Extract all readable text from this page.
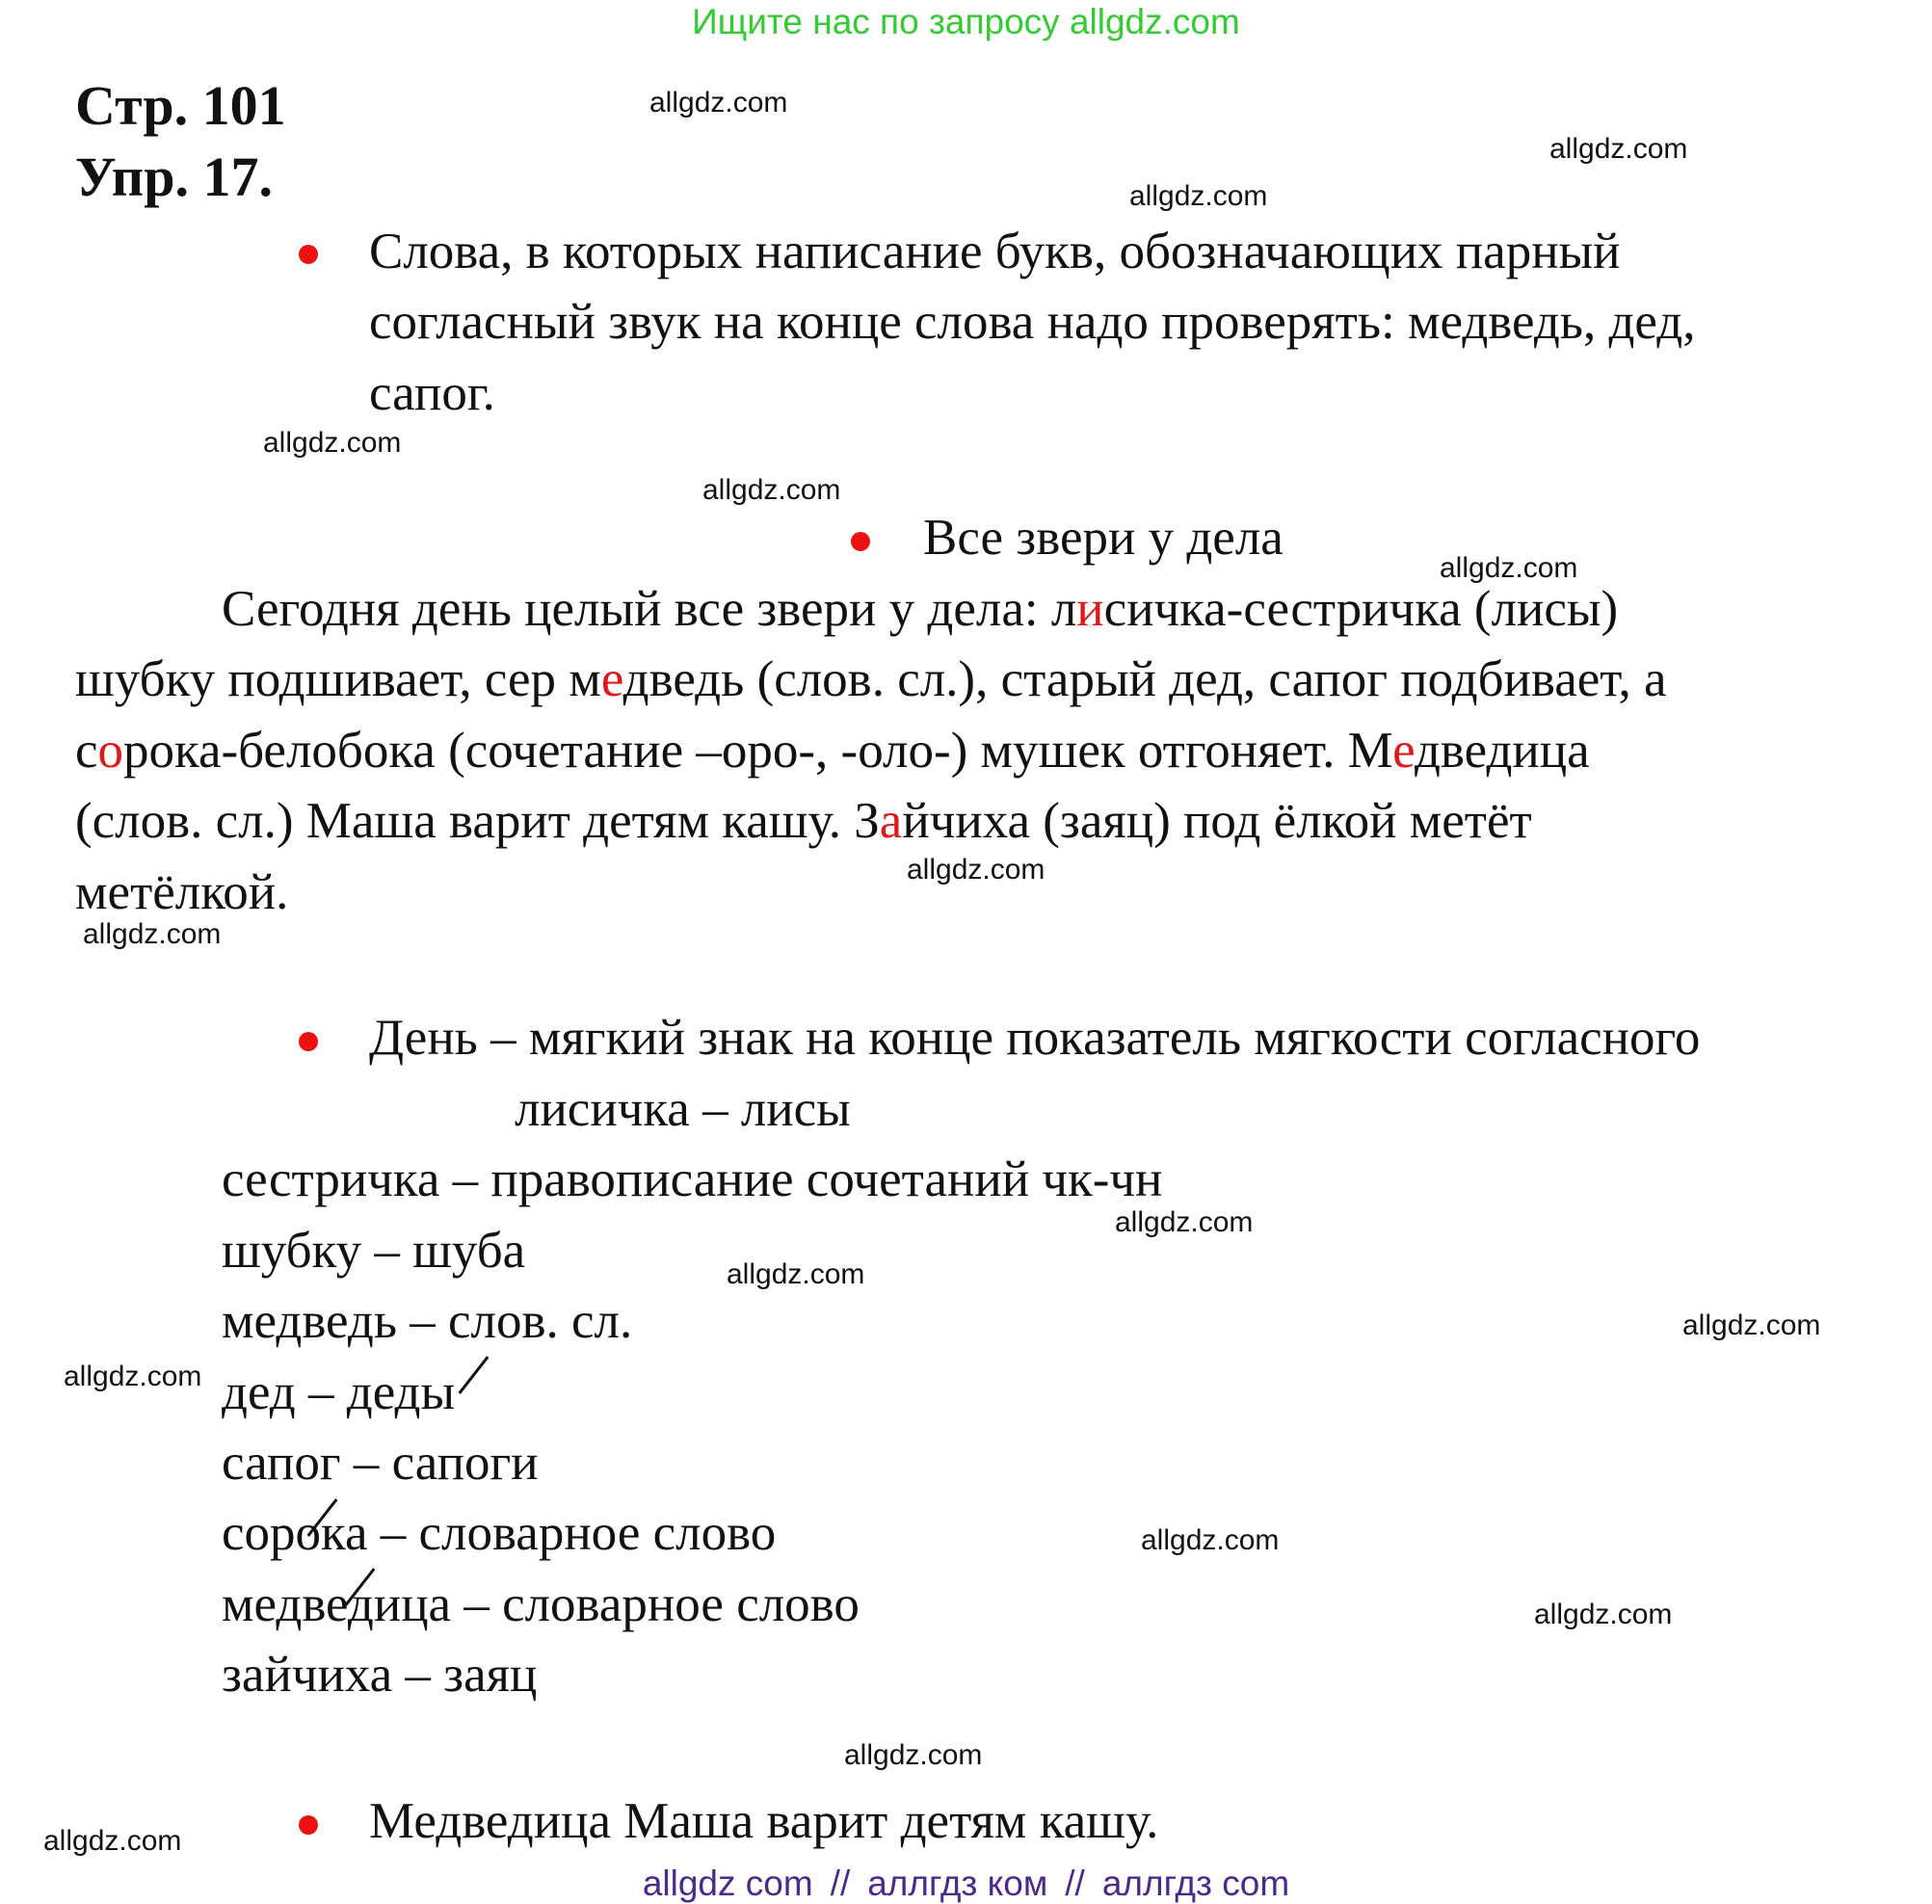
Ищите нас по запросу allgdz.com
Стр. 101
Упр. 17.
allgdz.com
allgdz.com
allgdz.com
allgdz.com
allgdz.com
allgdz.com
allgdz.com
allgdz.com
allgdz.com
allgdz.com
allgdz.com
allgdz.com
allgdz.com
allgdz.com
allgdz.com
allgdz.com
Слова, в которых написание букв, обозначающих парный
согласный звук на конце слова надо проверять: медведь, дед,
сапог.
Все звери у дела
Сегодня день целый все звери у дела: лисичка-сестричка (лисы)
шубку подшивает, сер медведь (слов. сл.), старый дед, сапог подбивает, а
сорока-белобока (сочетание –оро-, -оло-) мушек отгоняет. Медведица
(слов. сл.) Маша варит детям кашу. Зайчиха (заяц) под ёлкой метёт
метёлкой.
День – мягкий знак на конце показатель мягкости согласного
лисичка – лисы
сестричка – правописание сочетаний чк-чн
шубку – шуба
медведь – слов. сл.
дед – деды
сапог – сапоги
сорока – словарное слово
медведица – словарное слово
зайчиха – заяц
Медведица Маша варит детям кашу.
allgdz com // аллгдз ком // аллгдз com
